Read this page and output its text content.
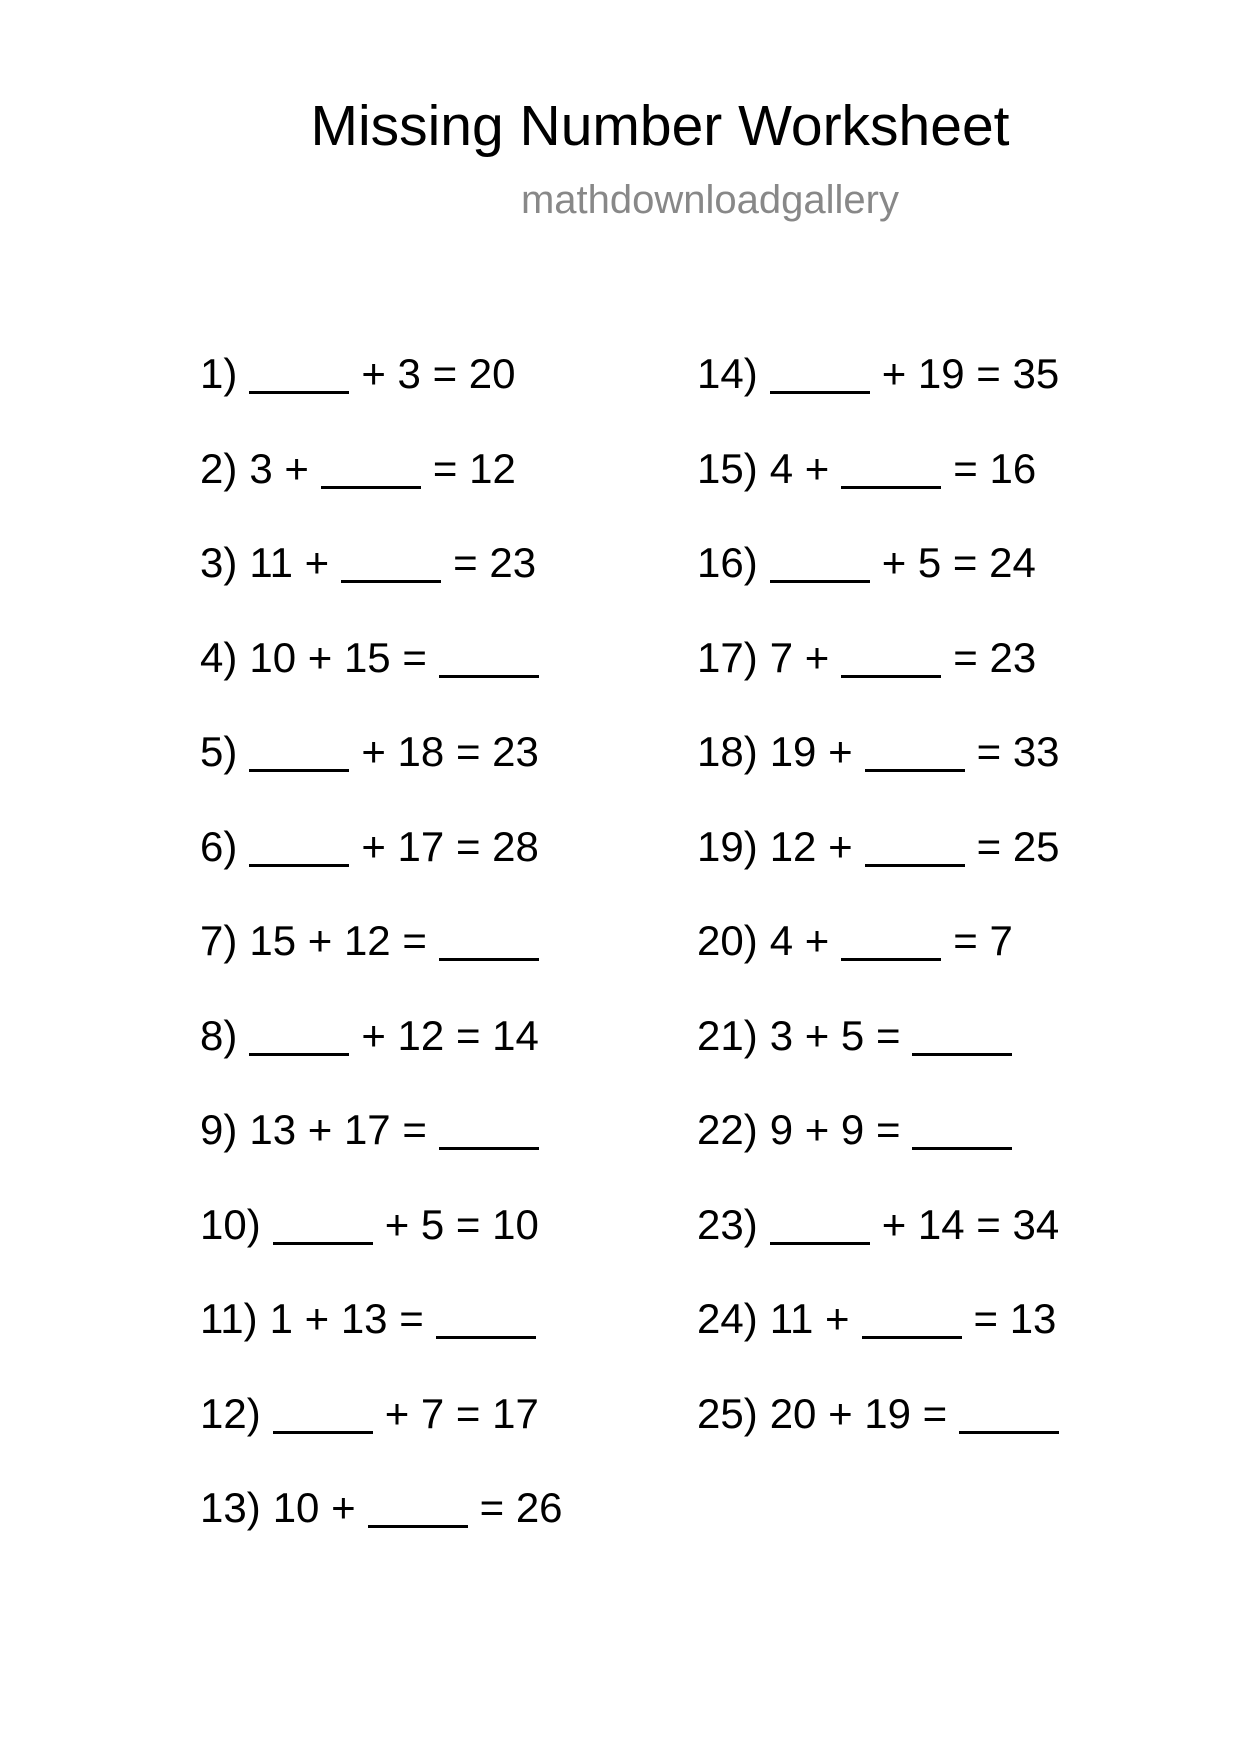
Missing Number Worksheet
mathdownloadgallery
1)	+ 3 = 20
2) 3 +	= 12
3) 11 +	= 23
4) 10 + 15 =
5)	+ 18 = 23
6)	+ 17 = 28
7) 15 + 12 =
8)	+ 12 = 14
9) 13 + 17 =
10)	+ 5 = 10
11) 1 + 13 =
12)	+ 7 = 17
13) 10 +	= 26
14)	+ 19 = 35
15) 4 +	= 16
16)	+ 5 = 24
17) 7 +	= 23
18) 19 +	= 33
19) 12 +	= 25
20) 4 +	= 7
21) 3 + 5 =
22) 9 + 9 =
23)	+ 14 = 34
24) 11 +	= 13
25) 20 + 19 =
